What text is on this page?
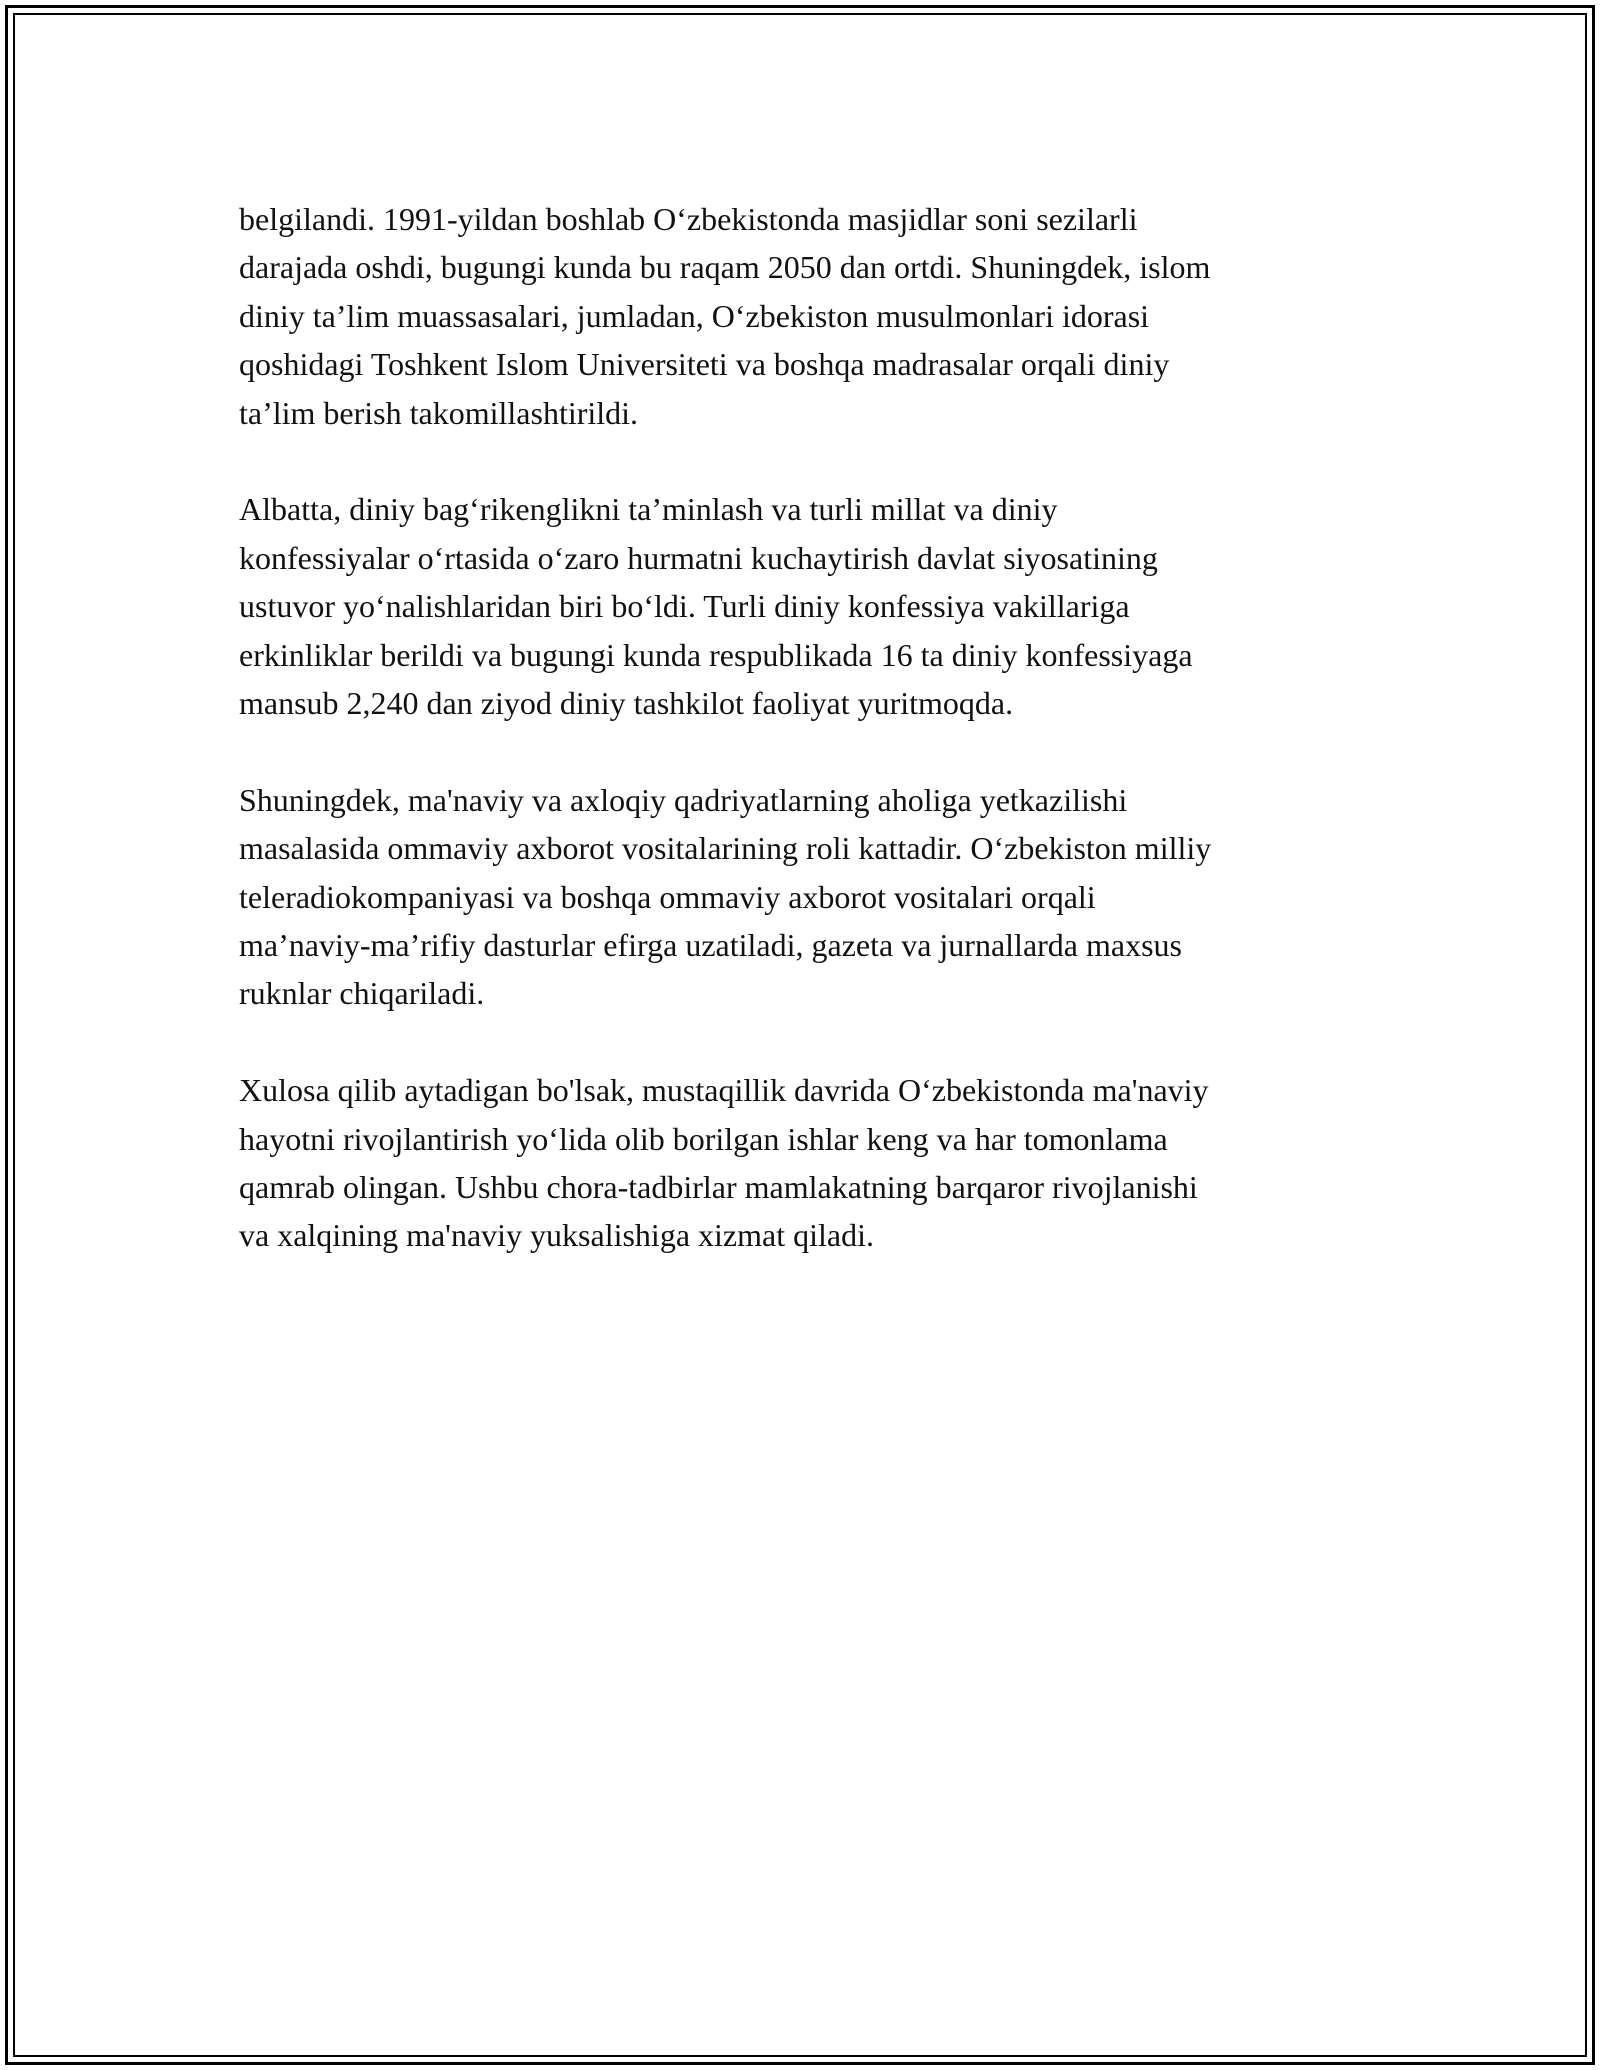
belgilandi. 1991-yildan boshlab O‘zbekistonda masjidlar soni sezilarli
darajada oshdi, bugungi kunda bu raqam 2050 dan ortdi. Shuningdek, islom
diniy ta’lim muassasalari, jumladan, O‘zbekiston musulmonlari idorasi
qoshidagi Toshkent Islom Universiteti va boshqa madrasalar orqali diniy
ta’lim berish takomillashtirildi.

Albatta, diniy bag‘rikenglikni ta’minlash va turli millat va diniy
konfessiyalar o‘rtasida o‘zaro hurmatni kuchaytirish davlat siyosatining
ustuvor yo‘nalishlaridan biri bo‘ldi. Turli diniy konfessiya vakillariga
erkinliklar berildi va bugungi kunda respublikada 16 ta diniy konfessiyaga
mansub 2,240 dan ziyod diniy tashkilot faoliyat yuritmoqda.

Shuningdek, ma'naviy va axloqiy qadriyatlarning aholiga yetkazilishi
masalasida ommaviy axborot vositalarining roli kattadir. O‘zbekiston milliy
teleradiokompaniyasi va boshqa ommaviy axborot vositalari orqali
ma’naviy-ma’rifiy dasturlar efirga uzatiladi, gazeta va jurnallarda maxsus
ruknlar chiqariladi.

Xulosa qilib aytadigan bo'lsak, mustaqillik davrida O‘zbekistonda ma'naviy
hayotni rivojlantirish yo‘lida olib borilgan ishlar keng va har tomonlama
qamrab olingan. Ushbu chora-tadbirlar mamlakatning barqaror rivojlanishi
va xalqining ma'naviy yuksalishiga xizmat qiladi.
